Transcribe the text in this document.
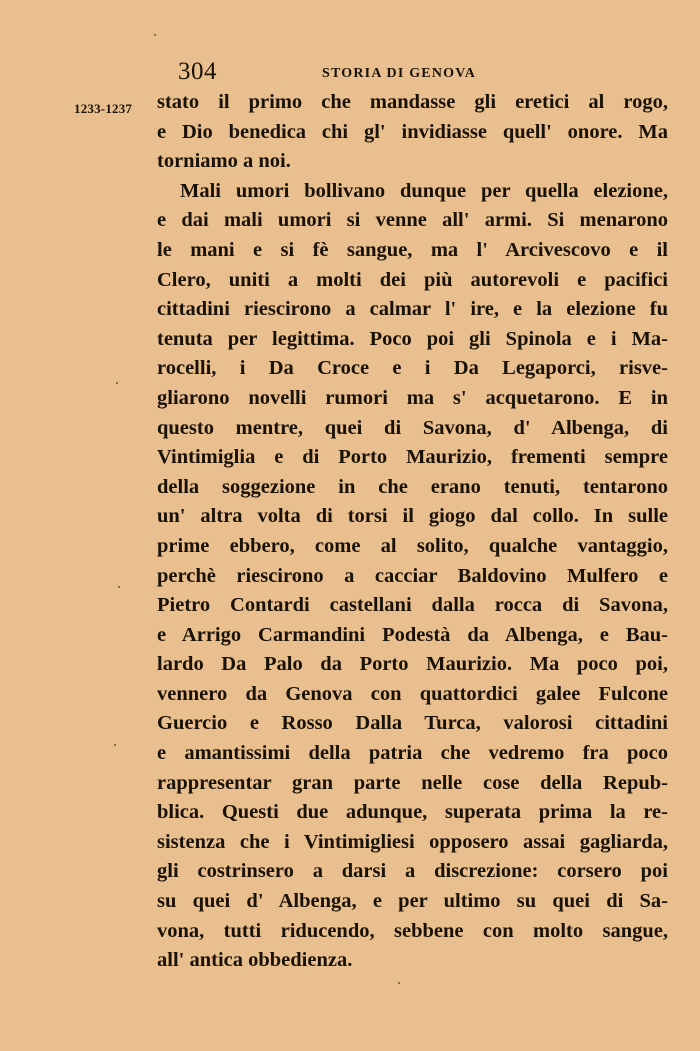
304	STORIA DI GENOVA
1233-1237 stato il primo che mandasse gli eretici al rogo,
e Dio benedica chi gl' invidiasse quell' onore. Ma
torniamo a noi.
Mali umori bollivano dunque per quella elezione,
e dai mali umori si venne all' armi. Si menarono
le mani e si fè sangue, ma l' Arcivescovo e il
Clero, uniti a molti dei più autorevoli e pacifici
cittadini riescirono a calmar l' ire, e la elezione fu
tenuta per legittima. Poco poi gli Spinola e i Ma-
rocelli, i Da Croce e i Da Legaporci, risve-
gliarono novelli rumori ma s' acquetarono. E in
questo mentre, quei di Savona, d' Albenga, di
Vintimiglia e di Porto Maurizio, frementi sempre
della soggezione in che erano tenuti, tentarono
un' altra volta di torsi il giogo dal collo. In sulle
prime ebbero, come al solito, qualche vantaggio,
perchè riescirono a cacciar Baldovino Mulfero e
Pietro Contardi castellani dalla rocca di Savona,
e Arrigo Carmandini Podestà da Albenga, e Bau-
lardo Da Palo da Porto Maurizio. Ma poco poi,
vennero da Genova con quattordici galee Fulcone
Guercio e Rosso Dalla Turca, valorosi cittadini
e amantissimi della patria che vedremo fra poco
rappresentar gran parte nelle cose della Repub-
blica. Questi due adunque, superata prima la re-
sistenza che i Vintimigliesi opposero assai gagliarda,
gli costrinsero a darsi a discrezione: corsero poi
su quei d' Albenga, e per ultimo su quei di Sa-
vona, tutti riducendo, sebbene con molto sangue,
all' antica obbedienza.
